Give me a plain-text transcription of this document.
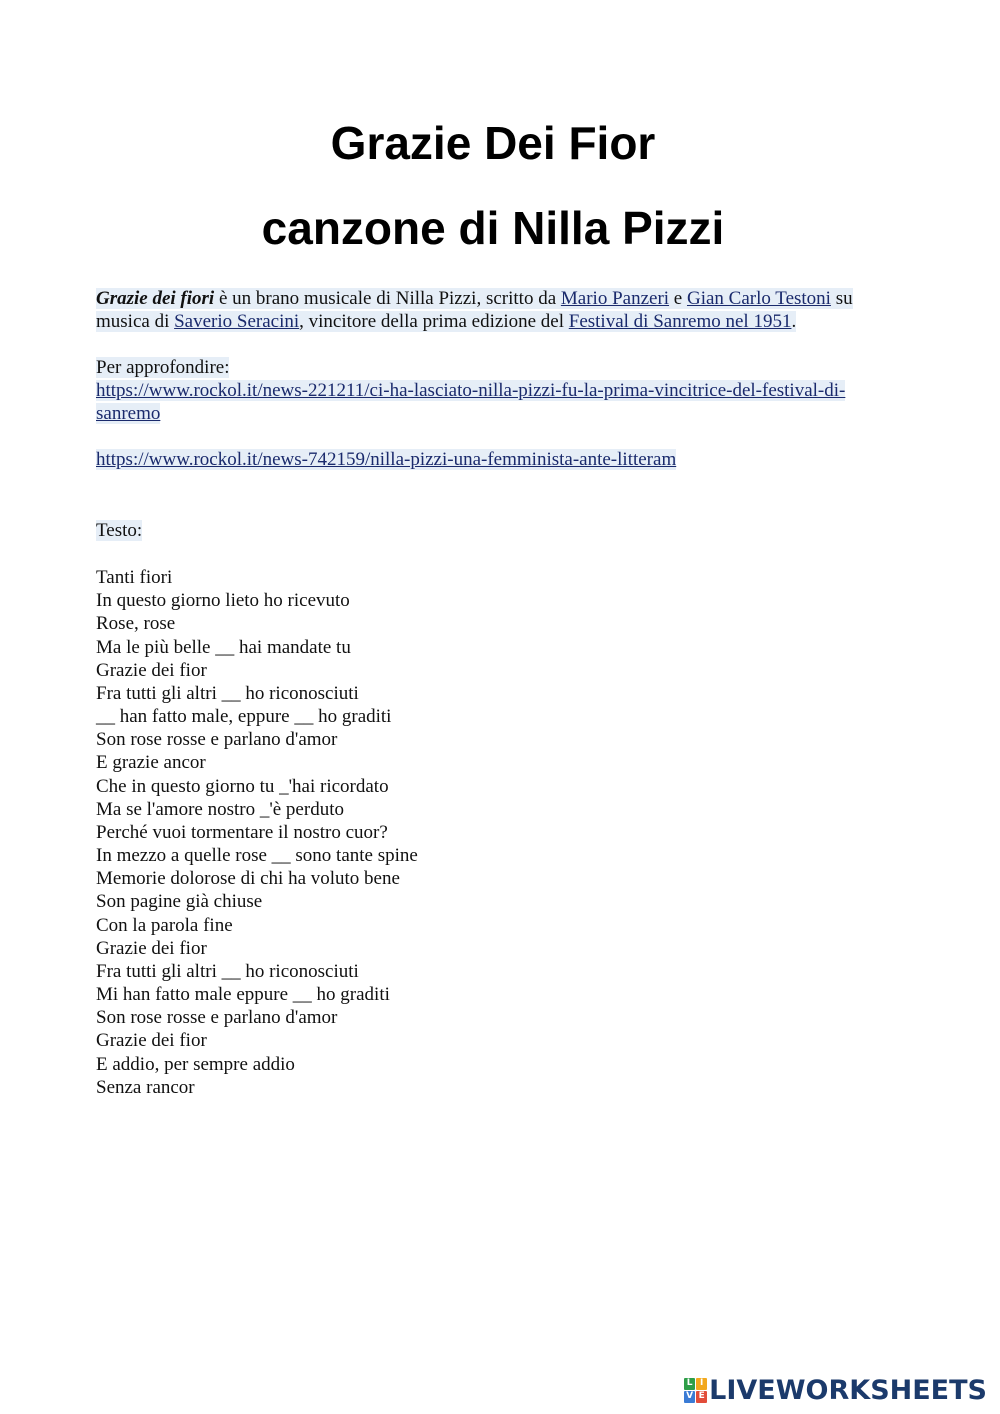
Grazie Dei Fior
canzone di Nilla Pizzi
Grazie dei fiori è un brano musicale di Nilla Pizzi, scritto da Mario Panzeri e Gian Carlo Testoni su musica di Saverio Seracini, vincitore della prima edizione del Festival di Sanremo nel 1951.
Per approfondire:
https://www.rockol.it/news-221211/ci-ha-lasciato-nilla-pizzi-fu-la-prima-vincitrice-del-festival-di-sanremo
https://www.rockol.it/news-742159/nilla-pizzi-una-femminista-ante-litteram
Testo:
Tanti fiori
In questo giorno lieto ho ricevuto
Rose, rose
Ma le più belle __ hai mandate tu
Grazie dei fior
Fra tutti gli altri __ ho riconosciuti
__ han fatto male, eppure __ ho graditi
Son rose rosse e parlano d'amor
E grazie ancor
Che in questo giorno tu _'hai ricordato
Ma se l'amore nostro _'è perduto
Perché vuoi tormentare il nostro cuor?
In mezzo a quelle rose __ sono tante spine
Memorie dolorose di chi ha voluto bene
Son pagine già chiuse
Con la parola fine
Grazie dei fior
Fra tutti gli altri __ ho riconosciuti
Mi han fatto male eppure __ ho graditi
Son rose rosse e parlano d'amor
Grazie dei fior
E addio, per sempre addio
Senza rancor
L I
V E LIVEWORKSHEETS
